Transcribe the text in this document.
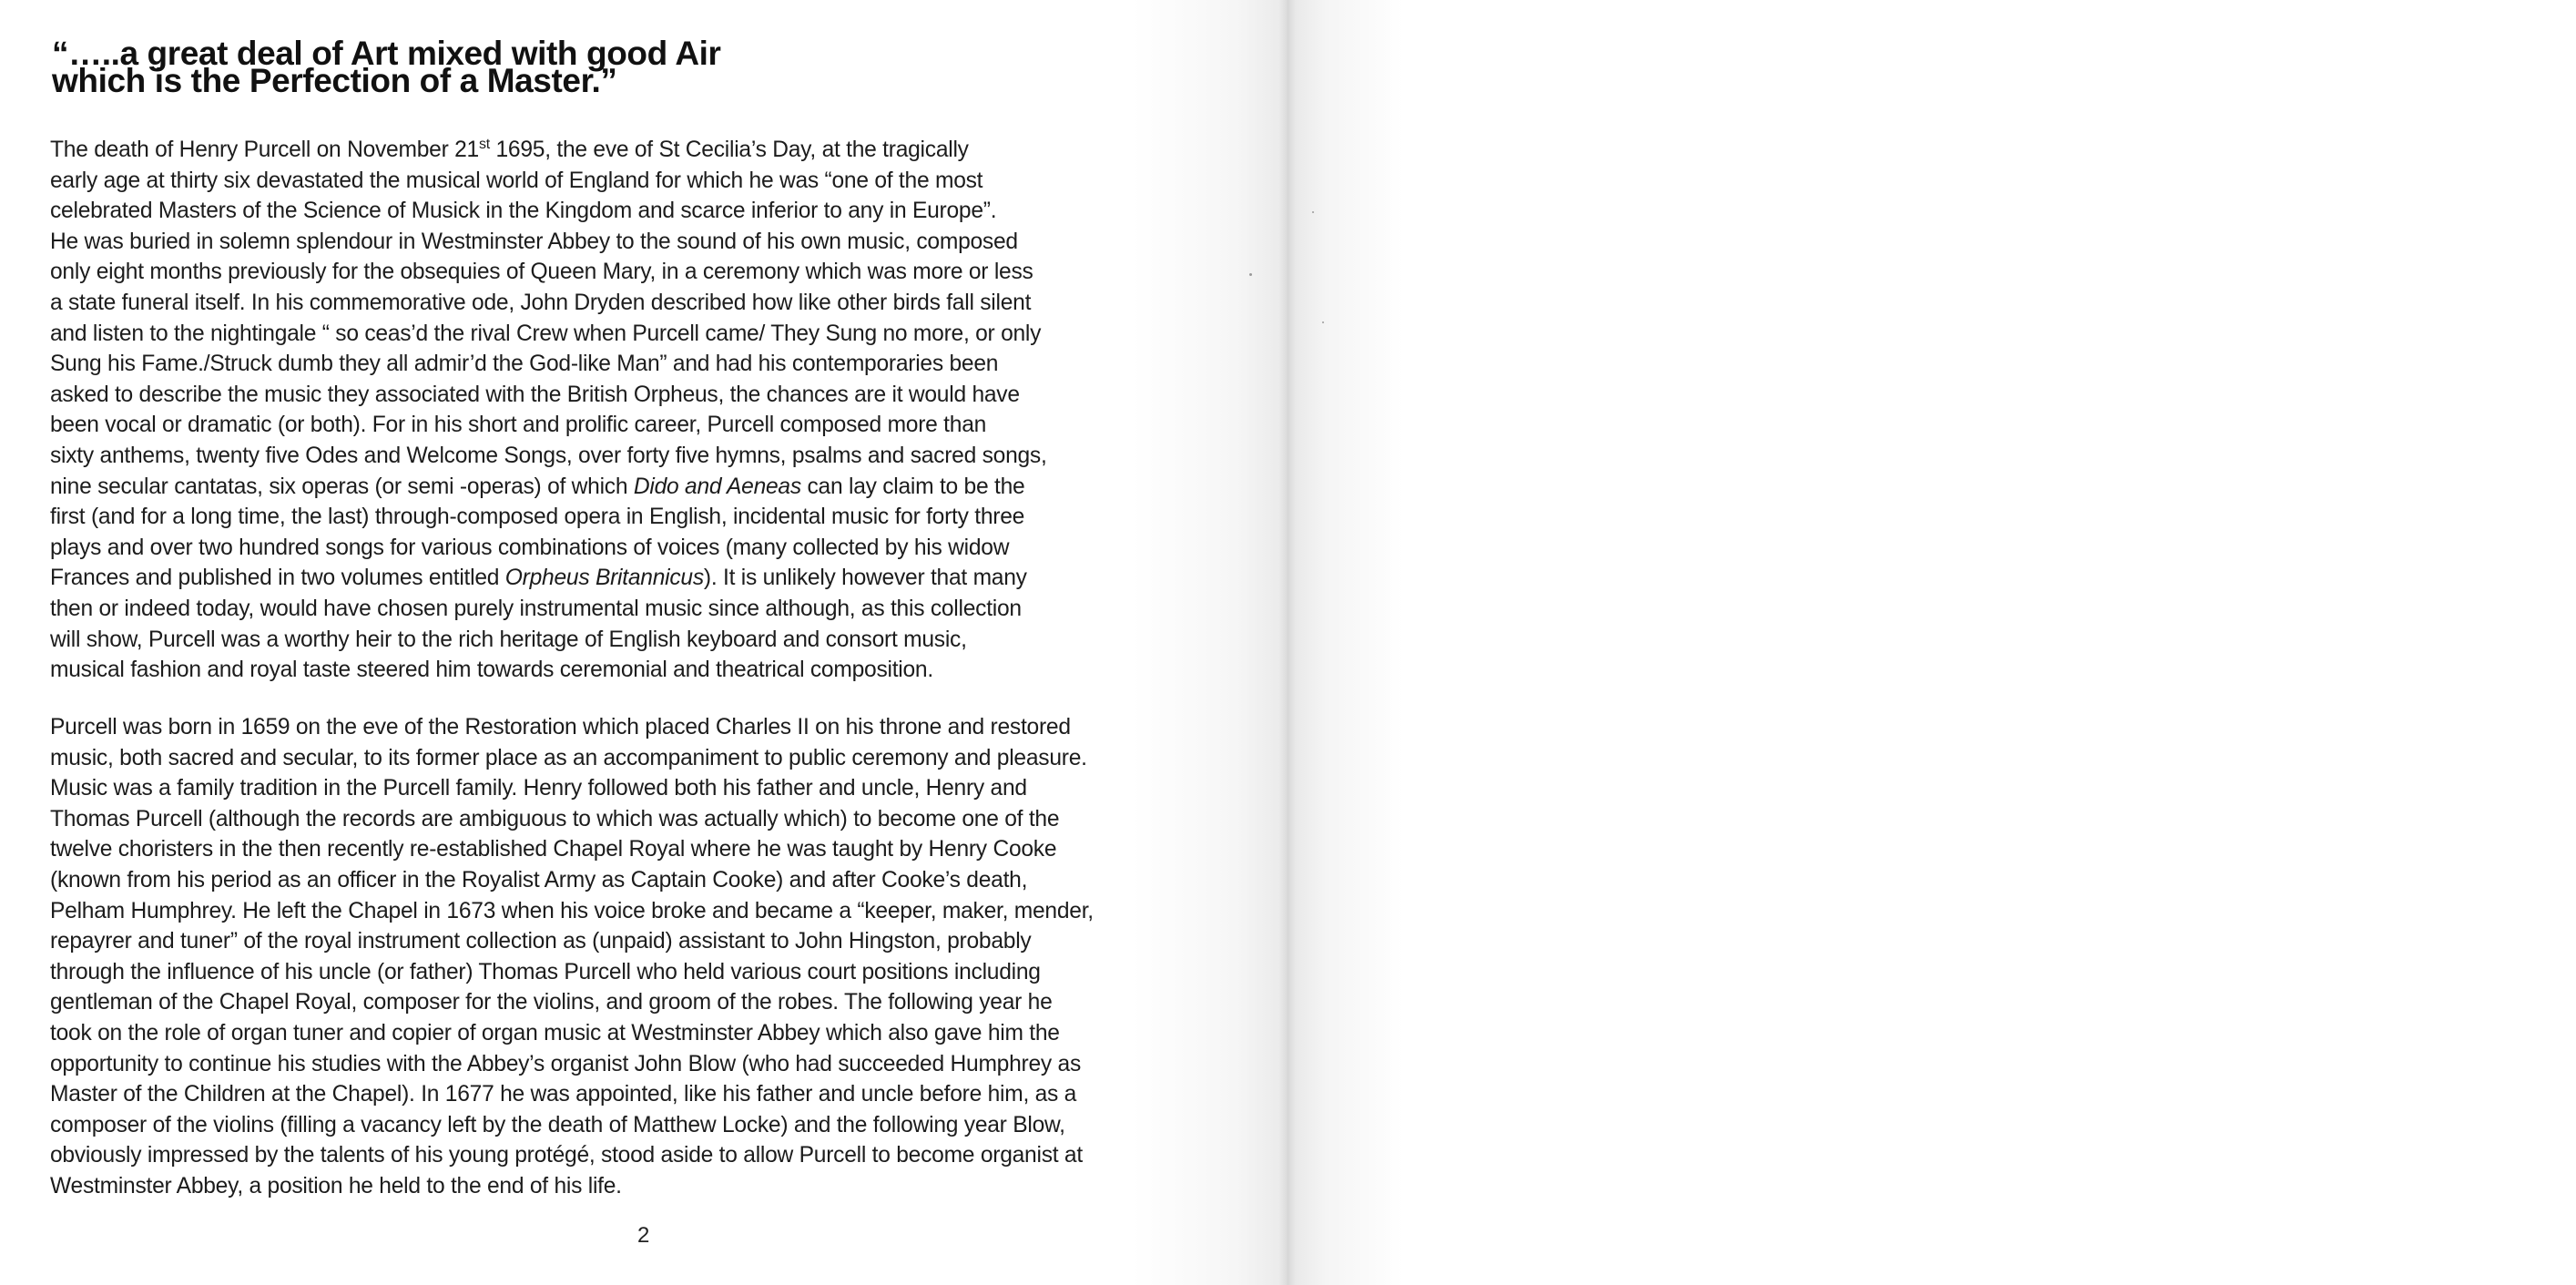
“…..a great deal of Art mixed with good Air
which is the Perfection of a Master.”

The death of Henry Purcell on November 21st 1695, the eve of St Cecilia’s Day, at the tragically
early age at thirty six devastated the musical world of England for which he was “one of the most
celebrated Masters of the Science of Musick in the Kingdom and scarce inferior to any in Europe”.
He was buried in solemn splendour in Westminster Abbey to the sound of his own music, composed
only eight months previously for the obsequies of Queen Mary, in a ceremony which was more or less
a state funeral itself. In his commemorative ode, John Dryden described how like other birds fall silent
and listen to the nightingale “ so ceas’d the rival Crew when Purcell came/ They Sung no more, or only
Sung his Fame./Struck dumb they all admir’d the God-like Man” and had his contemporaries been
asked to describe the music they associated with the British Orpheus, the chances are it would have
been vocal or dramatic (or both). For in his short and prolific career, Purcell composed more than
sixty anthems, twenty five Odes and Welcome Songs, over forty five hymns, psalms and sacred songs,
nine secular cantatas, six operas (or semi -operas) of which Dido and Aeneas can lay claim to be the
first (and for a long time, the last) through-composed opera in English, incidental music for forty three
plays and over two hundred songs for various combinations of voices (many collected by his widow
Frances and published in two volumes entitled Orpheus Britannicus). It is unlikely however that many
then or indeed today, would have chosen purely instrumental music since although, as this collection
will show, Purcell was a worthy heir to the rich heritage of English keyboard and consort music,
musical fashion and royal taste steered him towards ceremonial and theatrical composition.

Purcell was born in 1659 on the eve of the Restoration which placed Charles II on his throne and restored
music, both sacred and secular, to its former place as an accompaniment to public ceremony and pleasure.
Music was a family tradition in the Purcell family. Henry followed both his father and uncle, Henry and
Thomas Purcell (although the records are ambiguous to which was actually which) to become one of the
twelve choristers in the then recently re-established Chapel Royal where he was taught by Henry Cooke
(known from his period as an officer in the Royalist Army as Captain Cooke) and after Cooke’s death,
Pelham Humphrey. He left the Chapel in 1673 when his voice broke and became a “keeper, maker, mender,
repayrer and tuner” of the royal instrument collection as (unpaid) assistant to John Hingston, probably
through the influence of his uncle (or father) Thomas Purcell who held various court positions including
gentleman of the Chapel Royal, composer for the violins, and groom of the robes. The following year he
took on the role of organ tuner and copier of organ music at Westminster Abbey which also gave him the
opportunity to continue his studies with the Abbey’s organist John Blow (who had succeeded Humphrey as
Master of the Children at the Chapel). In 1677 he was appointed, like his father and uncle before him, as a
composer of the violins (filling a vacancy left by the death of Matthew Locke) and the following year Blow,
obviously impressed by the talents of his young protégé, stood aside to allow Purcell to become organist at
Westminster Abbey, a position he held to the end of his life.

2
